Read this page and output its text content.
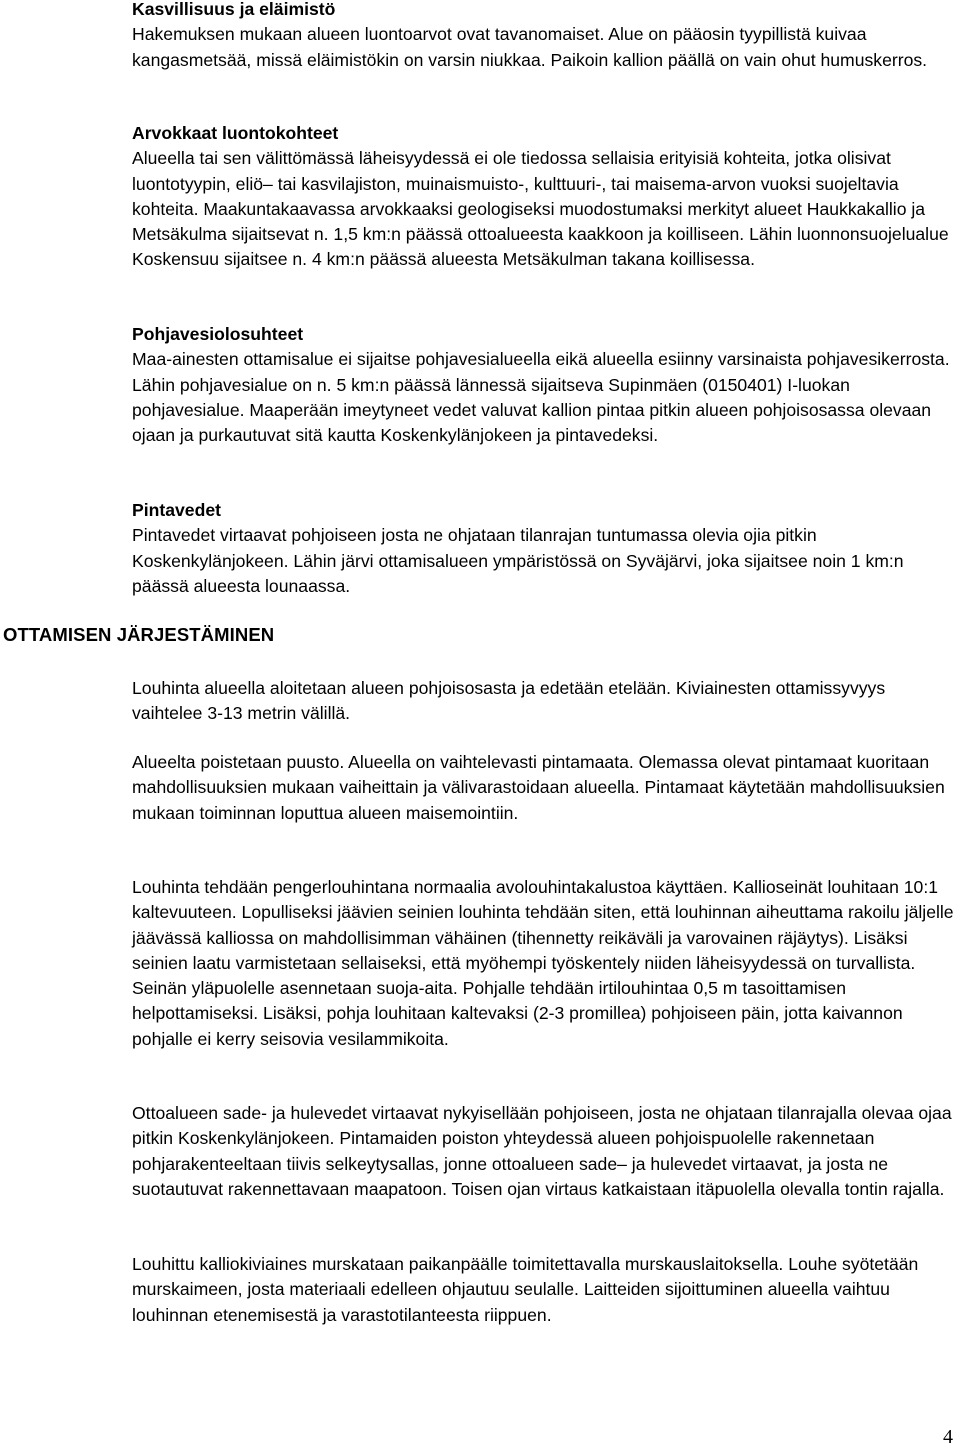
Kasvillisuus ja eläimistö

Hakemuksen mukaan alueen luontoarvot ovat tavanomaiset. Alue on pääosin tyypillistä kuivaa kangasmetsää, missä eläimistökin on varsin niukkaa. Paikoin kallion päällä on vain ohut humuskerros.

Arvokkaat luontokohteet

Alueella tai sen välittömässä läheisyydessä ei ole tiedossa sellaisia erityisiä kohteita, jotka olisivat luontotyypin, eliö– tai kasvilajiston, muinaismuisto-, kulttuuri-, tai maisema-arvon vuoksi suojeltavia kohteita. Maakuntakaavassa arvokkaaksi geologiseksi muodostumaksi merkityt alueet Haukkakallio ja Metsäkulma sijaitsevat n. 1,5 km:n päässä ottoalueesta kaakkoon ja koilliseen. Lähin luonnonsuojelualue Koskensuu sijaitsee n. 4 km:n päässä alueesta Metsäkulman takana koillisessa.

Pohjavesiolosuhteet

Maa-ainesten ottamisalue ei sijaitse pohjavesialueella eikä alueella esiinny varsinaista pohjavesikerrosta. Lähin pohjavesialue on n. 5 km:n päässä lännessä sijaitseva Supinmäen (0150401) I-luokan pohjavesialue. Maaperään imeytyneet vedet valuvat kallion pintaa pitkin alueen pohjoisosassa olevaan ojaan ja purkautuvat sitä kautta Koskenkylänjokeen ja pintavedeksi.

Pintavedet

Pintavedet virtaavat pohjoiseen josta ne ohjataan tilanrajan tuntumassa olevia ojia pitkin Koskenkylänjokeen. Lähin järvi ottamisalueen ympäristössä on Syväjärvi, joka sijaitsee noin 1 km:n päässä alueesta lounaassa.

OTTAMISEN JÄRJESTÄMINEN

Louhinta alueella aloitetaan alueen pohjoisosasta ja edetään etelään. Kiviainesten ottamissyvyys vaihtelee 3-13 metrin välillä.

Alueelta poistetaan puusto. Alueella on vaihtelevasti pintamaata. Olemassa olevat pintamaat kuoritaan mahdollisuuksien mukaan vaiheittain ja välivarastoidaan alueella. Pintamaat käytetään mahdollisuuksien mukaan toiminnan loputtua alueen maisemointiin.

Louhinta tehdään pengerlouhintana normaalia avolouhintakalustoa käyttäen. Kallioseinät louhitaan 10:1 kaltevuuteen. Lopulliseksi jäävien seinien louhinta tehdään siten, että louhinnan aiheuttama rakoilu jäljelle jäävässä kalliossa on mahdollisimman vähäinen (tihennetty reikäväli ja varovainen räjäytys). Lisäksi seinien laatu varmistetaan sellaiseksi, että myöhempi työskentely niiden läheisyydessä on turvallista. Seinän yläpuolelle asennetaan suoja-aita. Pohjalle tehdään irtilouhintaa 0,5 m tasoittamisen helpottamiseksi. Lisäksi, pohja louhitaan kaltevaksi (2-3 promillea) pohjoiseen päin, jotta kaivannon pohjalle ei kerry seisovia vesilammikoita.

Ottoalueen sade- ja hulevedet virtaavat nykyisellään pohjoiseen, josta ne ohjataan tilanrajalla olevaa ojaa pitkin Koskenkylänjokeen. Pintamaiden poiston yhteydessä alueen pohjoispuolelle rakennetaan pohjarakenteeltaan tiivis selkeytysallas, jonne ottoalueen sade– ja hulevedet virtaavat, ja josta ne suotautuvat rakennettavaan maapatoon. Toisen ojan virtaus katkaistaan itäpuolella olevalla tontin rajalla.

Louhittu kalliokiviaines murskataan paikanpäälle toimitettavalla murskauslaitoksella. Louhe syötetään murskaimeen, josta materiaali edelleen ohjautuu seulalle. Laitteiden sijoittuminen alueella vaihtuu louhinnan etenemisestä ja varastotilanteesta riippuen.

4
